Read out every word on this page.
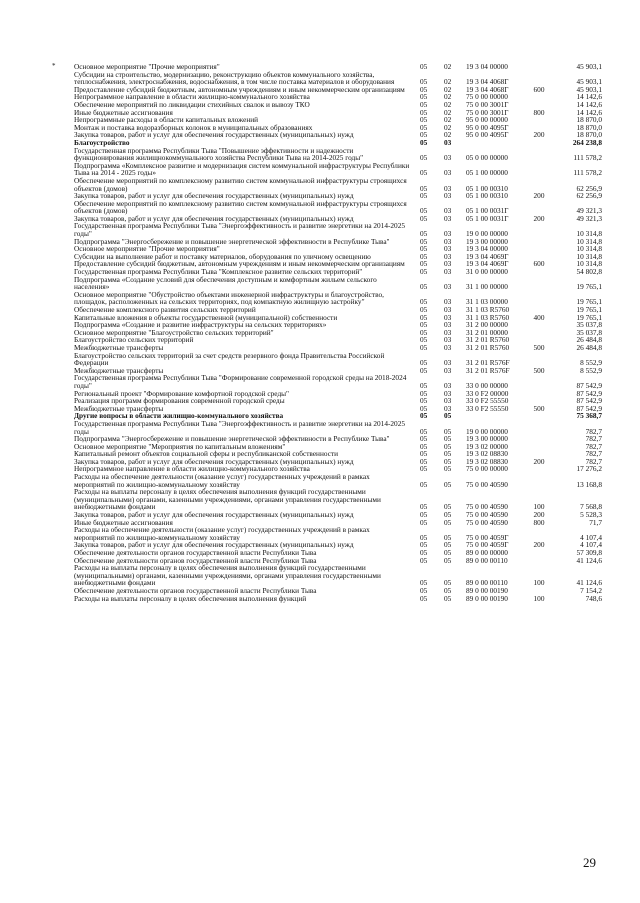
*	Основное мероприятие "Прочие мероприятия"	05	02	19 3 04 00000		45 903,1
Субсидии на строительство, модернизацию, реконструкцию объектов коммунального хозяйства, теплоснабжения, электроснабжения, водоснабжения, в том числе поставка материалов и оборудования	05	02	19 3 04 4068Г		45 903,1
Предоставление субсидий бюджетным, автономным учреждениям и иным некоммерческим организациям	05	02	19 3 04 4068Г	600	45 903,1
Непрограммное направление в области жилищно-коммунального хозяйства	05	02	75 0 00 00000		14 142,6
Обеспечение мероприятий по ликвидации стихийных свалок и вывозу ТКО	05	02	75 0 00 3001Г		14 142,6
Иные бюджетные ассигнования	05	02	75 0 00 3001Г	800	14 142,6
Непрограммные расходы в области капитальных вложений	05	02	95 0 00 00000		18 870,0
Монтаж и поставка водоразборных колонок в муниципальных образованиях	05	02	95 0 00 4095Г		18 870,0
Закупка товаров, работ и услуг для обеспечения государственных (муниципальных) нужд	05	02	95 0 00 4095Г	200	18 870,0
Благоустройство	05	03			264 238,8
Государственная программа Республики Тыва "Повышение эффективности и надежности функционирования жилищнокоммунального хозяйства Республики Тыва на 2014-2025 годы"	05	03	05 0 00 00000		111 578,2
Подпрограмма «Комплексное развитие и модернизация систем коммунальной инфраструктуры Республики Тыва на 2014 - 2025 годы»	05	03	05 1 00 00000		111 578,2
Обеспечение мероприятий по комплексному развитию систем коммунальной инфраструктуры строящихся объектов (домов)	05	03	05 1 00 00310		62 256,9
Закупка товаров, работ и услуг для обеспечения государственных (муниципальных) нужд	05	03	05 1 00 00310	200	62 256,9
Обеспечение мероприятий по комплексному развитию систем коммунальной инфраструктуры строящихся объектов (домов)	05	03	05 1 00 0031Г		49 321,3
Закупка товаров, работ и услуг для обеспечения государственных (муниципальных) нужд	05	03	05 1 00 0031Г	200	49 321,3
Государственная программа Республики Тыва "Энергоэффективность и развитие энергетики на 2014-2025 годы"	05	03	19 0 00 00000		10 314,8
Подпрограмма "Энергосбережение и повышение энергетической эффективности в Республике Тыва"	05	03	19 3 00 00000		10 314,8
Основное мероприятие "Прочие мероприятия"	05	03	19 3 04 00000		10 314,8
Субсидии на выполнение работ и поставку материалов, оборудования по уличному освещению	05	03	19 3 04 4069Г		10 314,8
Предоставление субсидий бюджетным, автономным учреждениям и иным некоммерческим организациям	05	03	19 3 04 4069Г	600	10 314,8
Государственная программа Республики Тыва "Комплексное развитие сельских территорий"	05	03	31 0 00 00000		54 802,8
Подпрограмма «Создание условий для обеспечения доступным и комфортным жильем сельского населения»	05	03	31 1 00 00000		19 765,1
Основное мероприятие "Обустройство объектами инженерной инфраструктуры и благоустройство, площадок, расположенных на сельских территориях, под компактную жилищную застройку"	05	03	31 1 03 00000		19 765,1
Обеспечение комплексного развития сельских территорий	05	03	31 1 03 R5760		19 765,1
Капитальные вложения в объекты государственной (муниципальной) собственности	05	03	31 1 03 R5760	400	19 765,1
Подпрограмма «Создание и развитие инфраструктуры на сельских территориях»	05	03	31 2 00 00000		35 037,8
Основное мероприятие "Благоустройство сельских территорий"	05	03	31 2 01 00000		35 037,8
Благоустройство сельских территорий	05	03	31 2 01 R5760		26 484,8
Межбюджетные трансферты	05	03	31 2 01 R5760	500	26 484,8
Благоустройство сельских территорий за счет средств резервного фонда Правительства Российской Федерации	05	03	31 2 01 R576F		8 552,9
Межбюджетные трансферты	05	03	31 2 01 R576F	500	8 552,9
Государственная программа Республики Тыва "Формирование современной городской среды на 2018-2024 годы"	05	03	33 0 00 00000		87 542,9
Региональный проект "Формирование комфортной городской среды"	05	03	33 0 F2 00000		87 542,9
Реализация программ формирования современной городской среды	05	03	33 0 F2 55550		87 542,9
Межбюджетные трансферты	05	03	33 0 F2 55550	500	87 542,9
Другие вопросы в области жилищно-коммунального хозяйства	05	05			75 368,7
Государственная программа Республики Тыва "Энергоэффективность и развитие энергетики на 2014-2025 годы	05	05	19 0 00 00000		782,7
Подпрограмма "Энергосбережение и повышение энергетической эффективности в Республике Тыва"	05	05	19 3 00 00000		782,7
Основное мероприятие "Мероприятия по капитальным вложениям"	05	05	19 3 02 00000		782,7
Капитальный ремонт объектов социальной сферы и республиканской собственности	05	05	19 3 02 08830		782,7
Закупка товаров, работ и услуг для обеспечения государственных (муниципальных) нужд	05	05	19 3 02 08830	200	782,7
Непрограммное направление в области жилищно-коммунального хозяйства	05	05	75 0 00 00000		17 276,2
Расходы на обеспечение деятельности (оказание услуг) государственных учреждений в рамках мероприятий по жилищно-коммунальному хозяйству	05	05	75 0 00 40590		13 168,8
Расходы на выплаты персоналу в целях обеспечения выполнения функций государственными (муниципальными) органами, казенными учреждениями, органами управления государственными внебюджетными фондами	05	05	75 0 00 40590	100	7 568,8
Закупка товаров, работ и услуг для обеспечения государственных (муниципальных) нужд	05	05	75 0 00 40590	200	5 528,3
Иные бюджетные ассигнования	05	05	75 0 00 40590	800	71,7
Расходы на обеспечение деятельности (оказание услуг) государственных учреждений в рамках мероприятий по жилищно-коммунальному хозяйству	05	05	75 0 00 4059Г		4 107,4
Закупка товаров, работ и услуг для обеспечения государственных (муниципальных) нужд	05	05	75 0 00 4059Г	200	4 107,4
Обеспечение деятельности органов государственной власти Республики Тыва	05	05	89 0 00 00000		57 309,8
Обеспечение деятельности органов государственной власти Республики Тыва	05	05	89 0 00 00110		41 124,6
Расходы на выплаты персоналу в целях обеспечения выполнения функций государственными (муниципальными) органами, казенными учреждениями, органами управления государственными внебюджетными фондами	05	05	89 0 00 00110	100	41 124,6
Обеспечение деятельности органов государственной власти Республики Тыва	05	05	89 0 00 00190		7 154,2
Расходы на выплаты персоналу в целях обеспечения выполнения функций	05	05	89 0 00 00190	100	748,6
29
